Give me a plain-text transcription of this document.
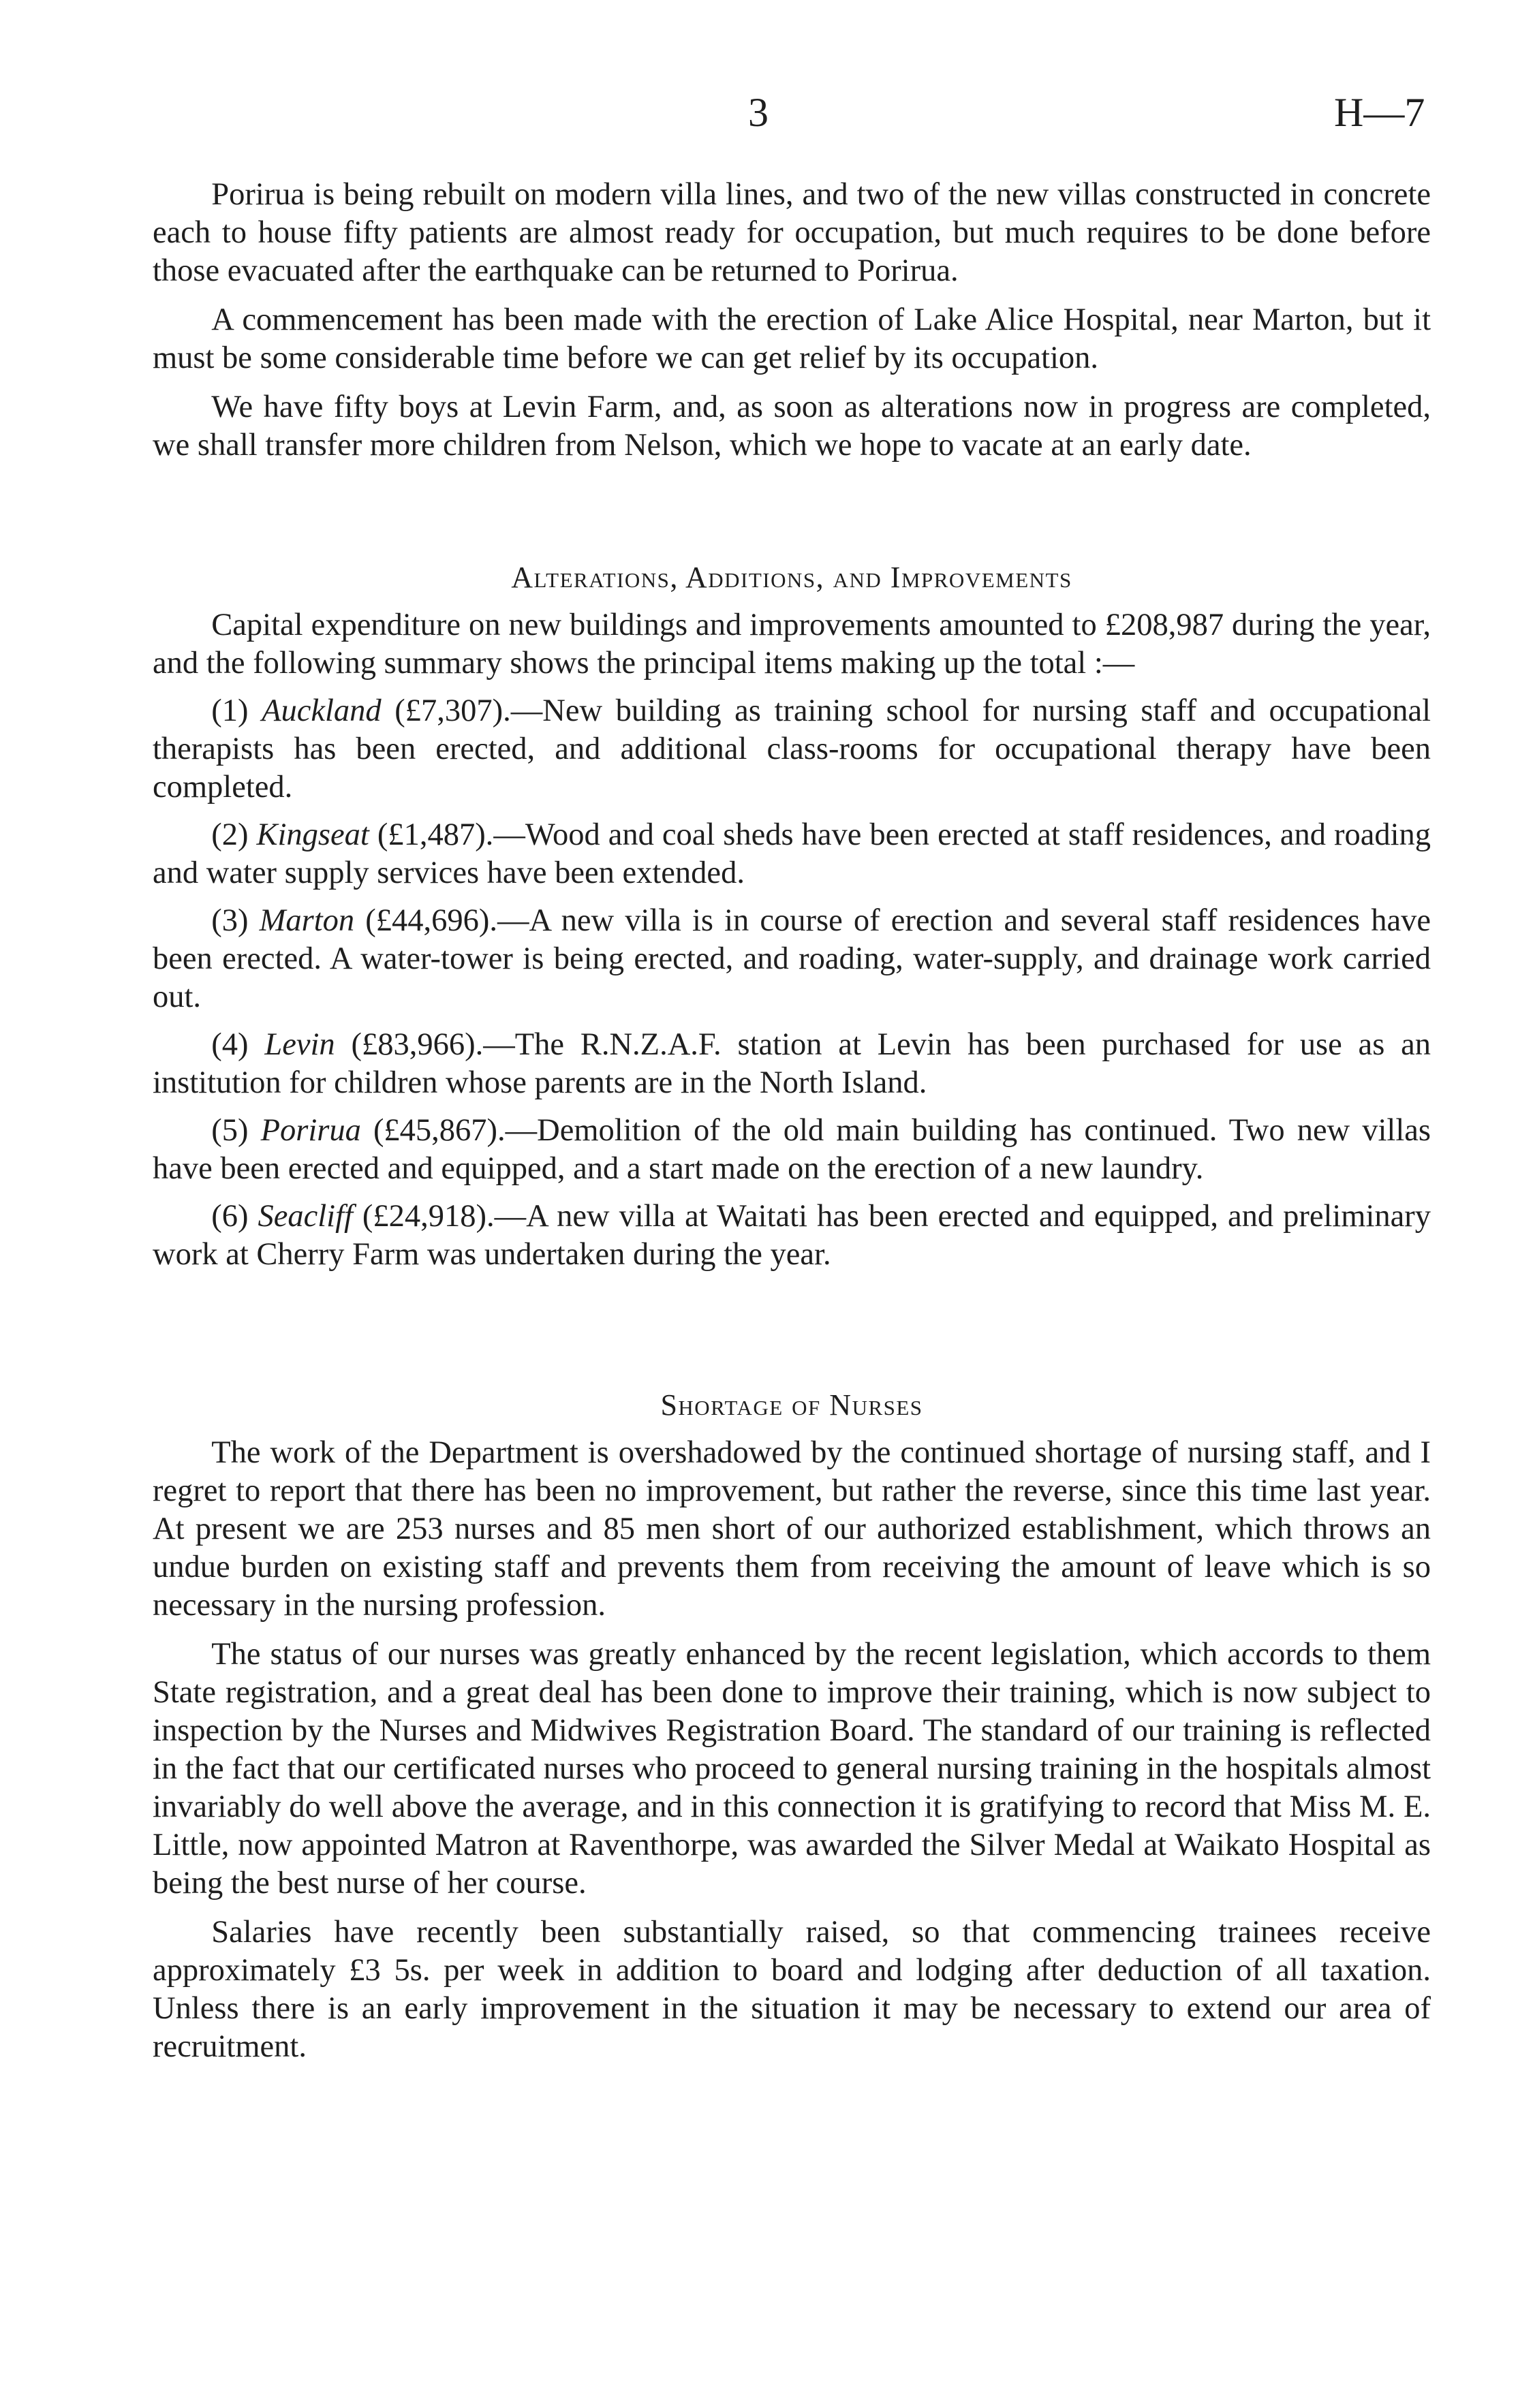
3	H—7

Porirua is being rebuilt on modern villa lines, and two of the new villas constructed in concrete each to house fifty patients are almost ready for occupation, but much requires to be done before those evacuated after the earthquake can be returned to Porirua.

A commencement has been made with the erection of Lake Alice Hospital, near Marton, but it must be some considerable time before we can get relief by its occupation.

We have fifty boys at Levin Farm, and, as soon as alterations now in progress are completed, we shall transfer more children from Nelson, which we hope to vacate at an early date.

Alterations, Additions, and Improvements

Capital expenditure on new buildings and improvements amounted to £208,987 during the year, and the following summary shows the principal items making up the total :—

(1) Auckland (£7,307).—New building as training school for nursing staff and occupational therapists has been erected, and additional class-rooms for occupational therapy have been completed.

(2) Kingseat (£1,487).—Wood and coal sheds have been erected at staff residences, and roading and water supply services have been extended.

(3) Marton (£44,696).—A new villa is in course of erection and several staff residences have been erected. A water-tower is being erected, and roading, water-supply, and drainage work carried out.

(4) Levin (£83,966).—The R.N.Z.A.F. station at Levin has been purchased for use as an institution for children whose parents are in the North Island.

(5) Porirua (£45,867).—Demolition of the old main building has continued. Two new villas have been erected and equipped, and a start made on the erection of a new laundry.

(6) Seacliff (£24,918).—A new villa at Waitati has been erected and equipped, and preliminary work at Cherry Farm was undertaken during the year.

Shortage of Nurses

The work of the Department is overshadowed by the continued shortage of nursing staff, and I regret to report that there has been no improvement, but rather the reverse, since this time last year. At present we are 253 nurses and 85 men short of our authorized establishment, which throws an undue burden on existing staff and prevents them from receiving the amount of leave which is so necessary in the nursing profession.

The status of our nurses was greatly enhanced by the recent legislation, which accords to them State registration, and a great deal has been done to improve their training, which is now subject to inspection by the Nurses and Midwives Registration Board. The standard of our training is reflected in the fact that our certificated nurses who proceed to general nursing training in the hospitals almost invariably do well above the average, and in this connection it is gratifying to record that Miss M. E. Little, now appointed Matron at Raventhorpe, was awarded the Silver Medal at Waikato Hospital as being the best nurse of her course.

Salaries have recently been substantially raised, so that commencing trainees receive approximately £3 5s. per week in addition to board and lodging after deduction of all taxation. Unless there is an early improvement in the situation it may be necessary to extend our area of recruitment.
